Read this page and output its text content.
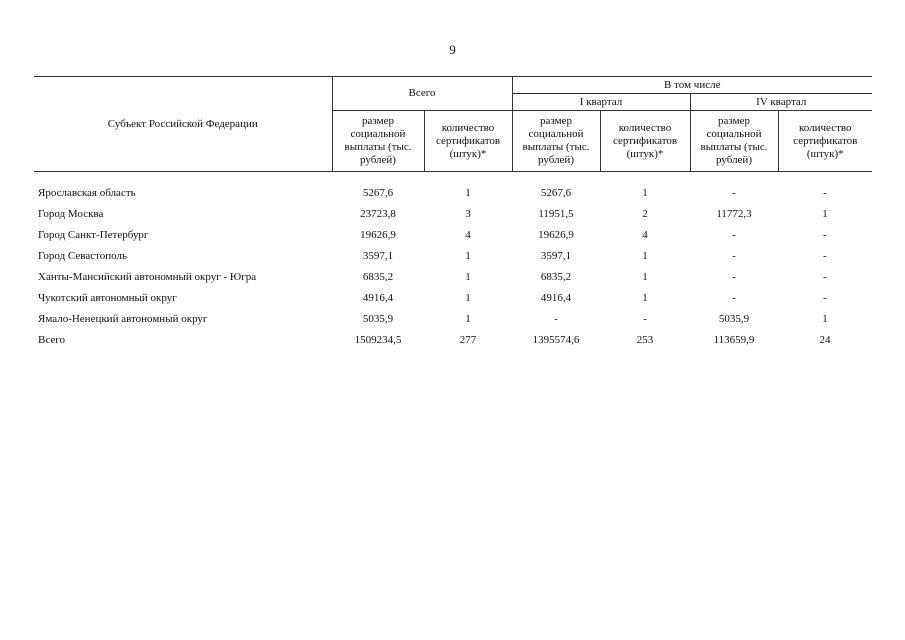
9
Субъект Российской Федерации	Всего		В том числе			
			I квартал		IV квартал	
	размер социальной выплаты (тыс. рублей)	количество сертификатов (штук)*	размер социальной выплаты (тыс. рублей)	количество сертификатов (штук)*	размер социальной выплаты (тыс. рублей)	количество сертификатов (штук)*

Ярославская область	5267,6	1	5267,6	1	-	-
Город Москва	23723,8	3	11951,5	2	11772,3	1
Город Санкт-Петербург	19626,9	4	19626,9	4	-	-
Город Севастополь	3597,1	1	3597,1	1	-	-
Ханты-Мансийский автономный округ - Югра	6835,2	1	6835,2	1	-	-
Чукотский автономный округ	4916,4	1	4916,4	1	-	-
Ямало-Ненецкий автономный округ	5035,9	1	-	-	5035,9	1
Всего	1509234,5	277	1395574,6	253	113659,9	24
